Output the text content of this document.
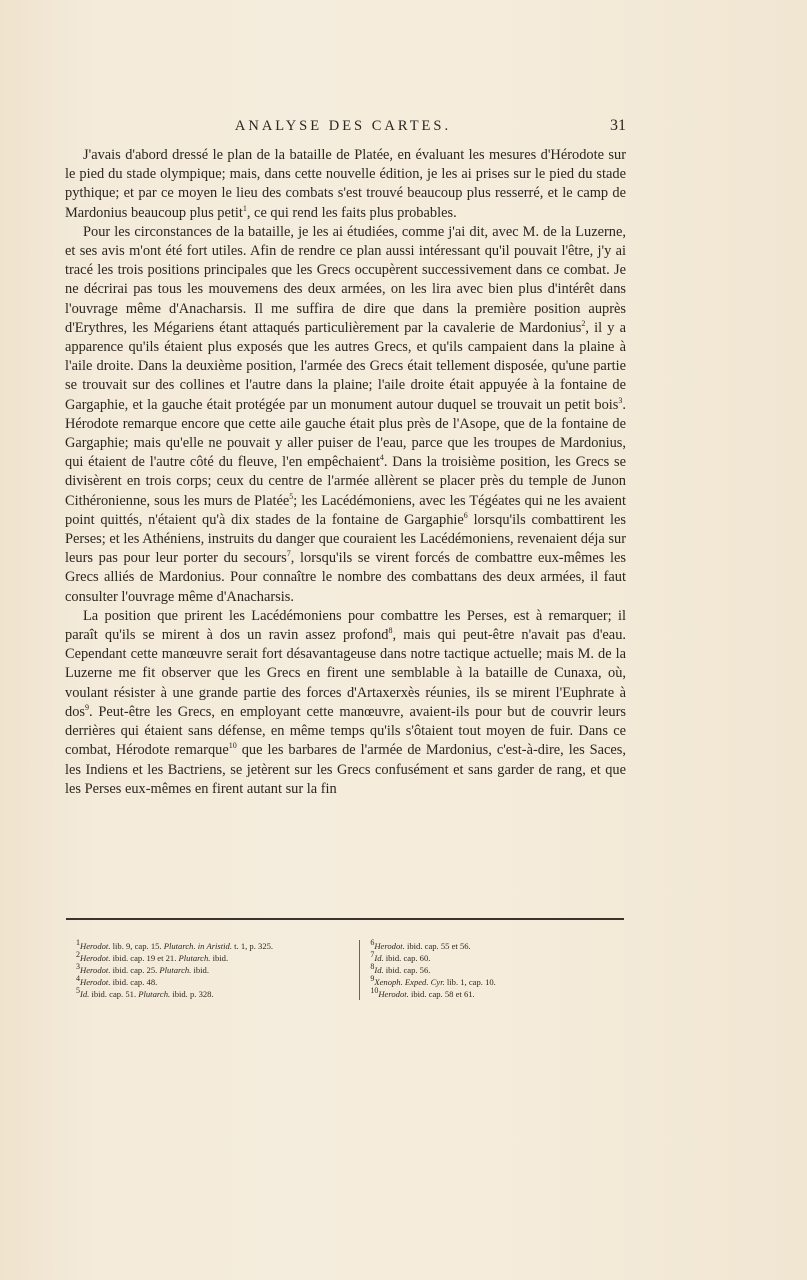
ANALYSE DES CARTES.	31

J'avais d'abord dressé le plan de la bataille de Platée, en évaluant les mesures d'Hérodote sur le pied du stade olympique; mais, dans cette nouvelle édition, je les ai prises sur le pied du stade pythique; et par ce moyen le lieu des combats s'est trouvé beaucoup plus resserré, et le camp de Mardonius beaucoup plus petit$^1$, ce qui rend les faits plus probables.

Pour les circonstances de la bataille, je les ai étudiées, comme j'ai dit, avec M. de la Luzerne, et ses avis m'ont été fort utiles. Afin de rendre ce plan aussi intéressant qu'il pouvait l'être, j'y ai tracé les trois positions principales que les Grecs occupèrent successivement dans ce combat. Je ne décrirai pas tous les mouvemens des deux armées, on les lira avec bien plus d'intérêt dans l'ouvrage même d'Anacharsis. Il me suffira de dire que dans la première position auprès d'Erythres, les Mégariens étant attaqués particulièrement par la cavalerie de Mardonius$^2$, il y a apparence qu'ils étaient plus exposés que les autres Grecs, et qu'ils campaient dans la plaine à l'aile droite. Dans la deuxième position, l'armée des Grecs était tellement disposée, qu'une partie se trouvait sur des collines et l'autre dans la plaine; l'aile droite était appuyée à la fontaine de Gargaphie, et la gauche était protégée par un monument autour duquel se trouvait un petit bois$^3$. Hérodote remarque encore que cette aile gauche était plus près de l'Asope, que de la fontaine de Gargaphie; mais qu'elle ne pouvait y aller puiser de l'eau, parce que les troupes de Mardonius, qui étaient de l'autre côté du fleuve, l'en empêchaient$^4$. Dans la troisième position, les Grecs se divisèrent en trois corps; ceux du centre de l'armée allèrent se placer près du temple de Junon Cithéronienne, sous les murs de Platée$^5$; les Lacédémoniens, avec les Tégéates qui ne les avaient point quittés, n'étaient qu'à dix stades de la fontaine de Gargaphie$^6$ lorsqu'ils combattirent les Perses; et les Athéniens, instruits du danger que couraient les Lacédémoniens, revenaient déja sur leurs pas pour leur porter du secours$^7$, lorsqu'ils se virent forcés de combattre eux-mêmes les Grecs alliés de Mardonius. Pour connaître le nombre des combattans des deux armées, il faut consulter l'ouvrage même d'Anacharsis.

La position que prirent les Lacédémoniens pour combattre les Perses, est à remarquer; il paraît qu'ils se mirent à dos un ravin assez profond$^8$, mais qui peut-être n'avait pas d'eau. Cependant cette manœuvre serait fort désavantageuse dans notre tactique actuelle; mais M. de la Luzerne me fit observer que les Grecs en firent une semblable à la bataille de Cunaxa, où, voulant résister à une grande partie des forces d'Artaxerxès réunies, ils se mirent l'Euphrate à dos$^9$. Peut-être les Grecs, en employant cette manœuvre, avaient-ils pour but de couvrir leurs derrières qui étaient sans défense, en même temps qu'ils s'ôtaient tout moyen de fuir. Dans ce combat, Hérodote remarque$^{10}$ que les barbares de l'armée de Mardonius, c'est-à-dire, les Saces, les Indiens et les Bactriens, se jetèrent sur les Grecs confusément et sans garder de rang, et que les Perses eux-mêmes en firent autant sur la fin

$^1$Herodot. lib. 9, cap. 15. Plutarch. in Aristid. t. 1, p. 325.
$^2$Herodot. ibid. cap. 19 et 21. Plutarch. ibid.
$^3$Herodot. ibid. cap. 25. Plutarch. ibid.
$^4$Herodot. ibid. cap. 48.
$^5$Id. ibid. cap. 51. Plutarch. ibid. p. 328.
$^6$Herodot. ibid. cap. 55 et 56.
$^7$Id. ibid. cap. 60.
$^8$Id. ibid. cap. 56.
$^9$Xenoph. Exped. Cyr. lib. 1, cap. 10.
$^{10}$Herodot. ibid. cap. 58 et 61.
